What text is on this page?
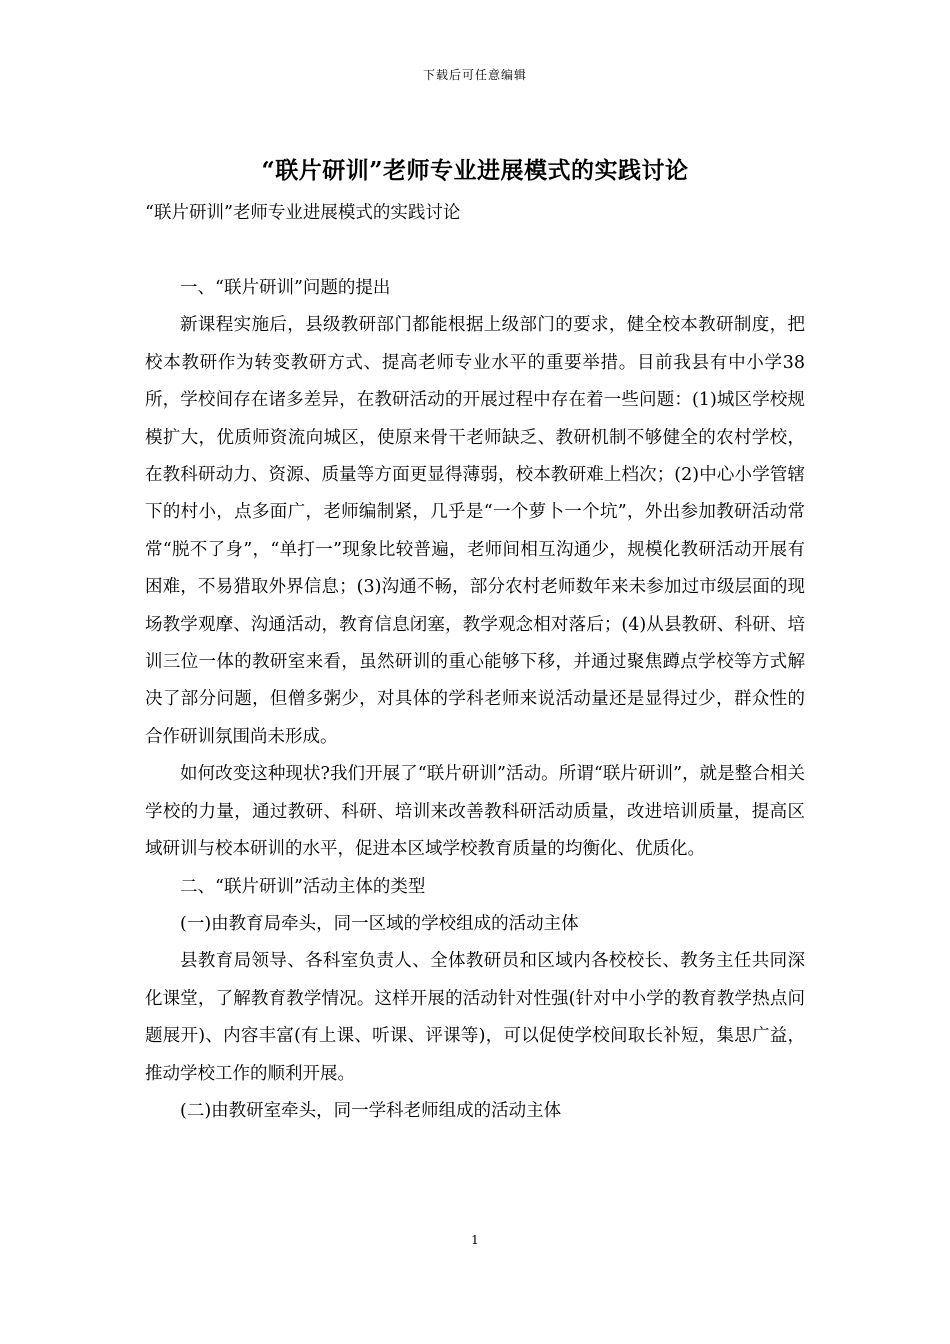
下载后可任意编辑
“联片研训”老师专业进展模式的实践讨论
“联片研训”老师专业进展模式的实践讨论

一、“联片研训”问题的提出

新课程实施后，县级教研部门都能根据上级部门的要求，健全校本教研制度，把校本教研作为转变教研方式、提高老师专业水平的重要举措。目前我县有中小学38所，学校间存在诸多差异，在教研活动的开展过程中存在着一些问题：(1)城区学校规模扩大，优质师资流向城区，使原来骨干老师缺乏、教研机制不够健全的农村学校，在教科研动力、资源、质量等方面更显得薄弱，校本教研难上档次；(2)中心小学管辖下的村小，点多面广，老师编制紧，几乎是“一个萝卜一个坑”，外出参加教研活动常常“脱不了身”，“单打一”现象比较普遍，老师间相互沟通少，规模化教研活动开展有困难，不易猎取外界信息；(3)沟通不畅，部分农村老师数年来未参加过市级层面的现场教学观摩、沟通活动，教育信息闭塞，教学观念相对落后；(4)从县教研、科研、培训三位一体的教研室来看，虽然研训的重心能够下移，并通过聚焦蹲点学校等方式解决了部分问题，但僧多粥少，对具体的学科老师来说活动量还是显得过少，群众性的合作研训氛围尚未形成。

如何改变这种现状?我们开展了“联片研训”活动。所谓“联片研训”，就是整合相关学校的力量，通过教研、科研、培训来改善教科研活动质量，改进培训质量，提高区域研训与校本研训的水平，促进本区域学校教育质量的均衡化、优质化。

二、“联片研训”活动主体的类型

(一)由教育局牵头，同一区域的学校组成的活动主体

县教育局领导、各科室负责人、全体教研员和区域内各校校长、教务主任共同深化课堂，了解教育教学情况。这样开展的活动针对性强(针对中小学的教育教学热点问题展开)、内容丰富(有上课、听课、评课等)，可以促使学校间取长补短，集思广益，推动学校工作的顺利开展。

(二)由教研室牵头，同一学科老师组成的活动主体

1
